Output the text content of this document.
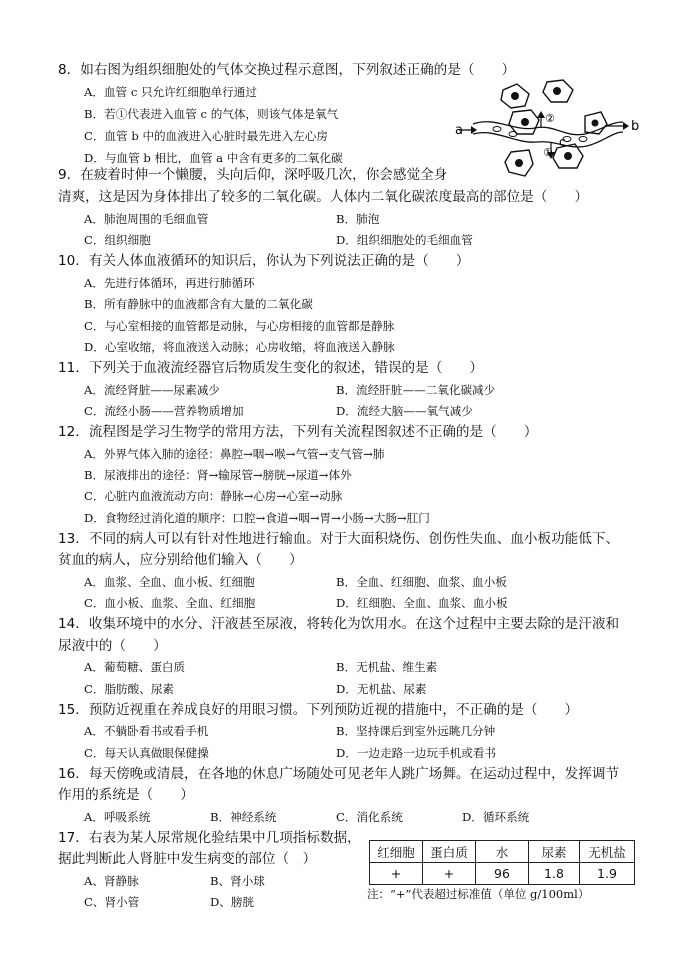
8．如右图为组织细胞处的气体交换过程示意图，下列叙述正确的是（　　）
A．血管 c 只允许红细胞单行通过
B．若①代表进入血管 c 的气体，则该气体是氧气
C．血管 b 中的血液进入心脏时最先进入左心房
D．与血管 b 相比，血管 a 中含有更多的二氧化碳
a	b
c
①
②
9．在疲着时伸一个懒腰，头向后仰，深呼吸几次，你会感觉全身
清爽，这是因为身体排出了较多的二氧化碳。人体内二氧化碳浓度最高的部位是（　　）
A．肺泡周围的毛细血管	B．肺泡
C．组织细胞	D．组织细胞处的毛细血管
10．有关人体血液循环的知识后，你认为下列说法正确的是（　　）
A．先进行体循环，再进行肺循环
B．所有静脉中的血液都含有大量的二氧化碳
C．与心室相接的血管都是动脉，与心房相接的血管都是静脉
D．心室收缩，将血液送入动脉；心房收缩，将血液送入静脉
11．下列关于血液流经器官后物质发生变化的叙述，错误的是（　　）
A．流经肾脏——尿素减少	B．流经肝脏——二氧化碳减少
C．流经小肠——营养物质增加	D．流经大脑——氧气减少
12．流程图是学习生物学的常用方法，下列有关流程图叙述不正确的是（　　）
A．外界气体入肺的途径：鼻腔→咽→喉→气管→支气管→肺
B．尿液排出的途径：肾→输尿管→膀胱→尿道→体外
C．心脏内血液流动方向：静脉→心房→心室→动脉
D．食物经过消化道的顺序：口腔→食道→咽→胃→小肠→大肠→肛门
13．不同的病人可以有针对性地进行输血。对于大面积烧伤、创伤性失血、血小板功能低下、
贫血的病人，应分别给他们输入（　　）
A．血浆、全血、血小板、红细胞	B．全血、红细胞、血浆、血小板
C．血小板、血浆、全血、红细胞	D．红细胞、全血、血浆、血小板
14．收集环境中的水分、汗液甚至尿液，将转化为饮用水。在这个过程中主要去除的是汗液和
尿液中的（　　）
A．葡萄糖、蛋白质	B．无机盐、维生素
C．脂肪酸、尿素	D．无机盐、尿素
15．预防近视重在养成良好的用眼习惯。下列预防近视的措施中，不正确的是（　　）
A．不躺卧看书或看手机	B．坚持课后到室外远眺几分钟
C．每天认真做眼保健操	D．一边走路一边玩手机或看书
16．每天傍晚或清晨，在各地的休息广场随处可见老年人跳广场舞。在运动过程中，发挥调节
作用的系统是（　　）
A．呼吸系统	B．神经系统	C．消化系统	D．循环系统
17．右表为某人尿常规化验结果中几项指标数据，
据此判断此人肾脏中发生病变的部位（　）
A、肾静脉	B、肾小球
C、肾小管	D、膀胱
红细胞	蛋白质	水	尿素	无机盐
+	+	96	1.8	1.9
注：“+”代表超过标准值（单位 g/100ml）
